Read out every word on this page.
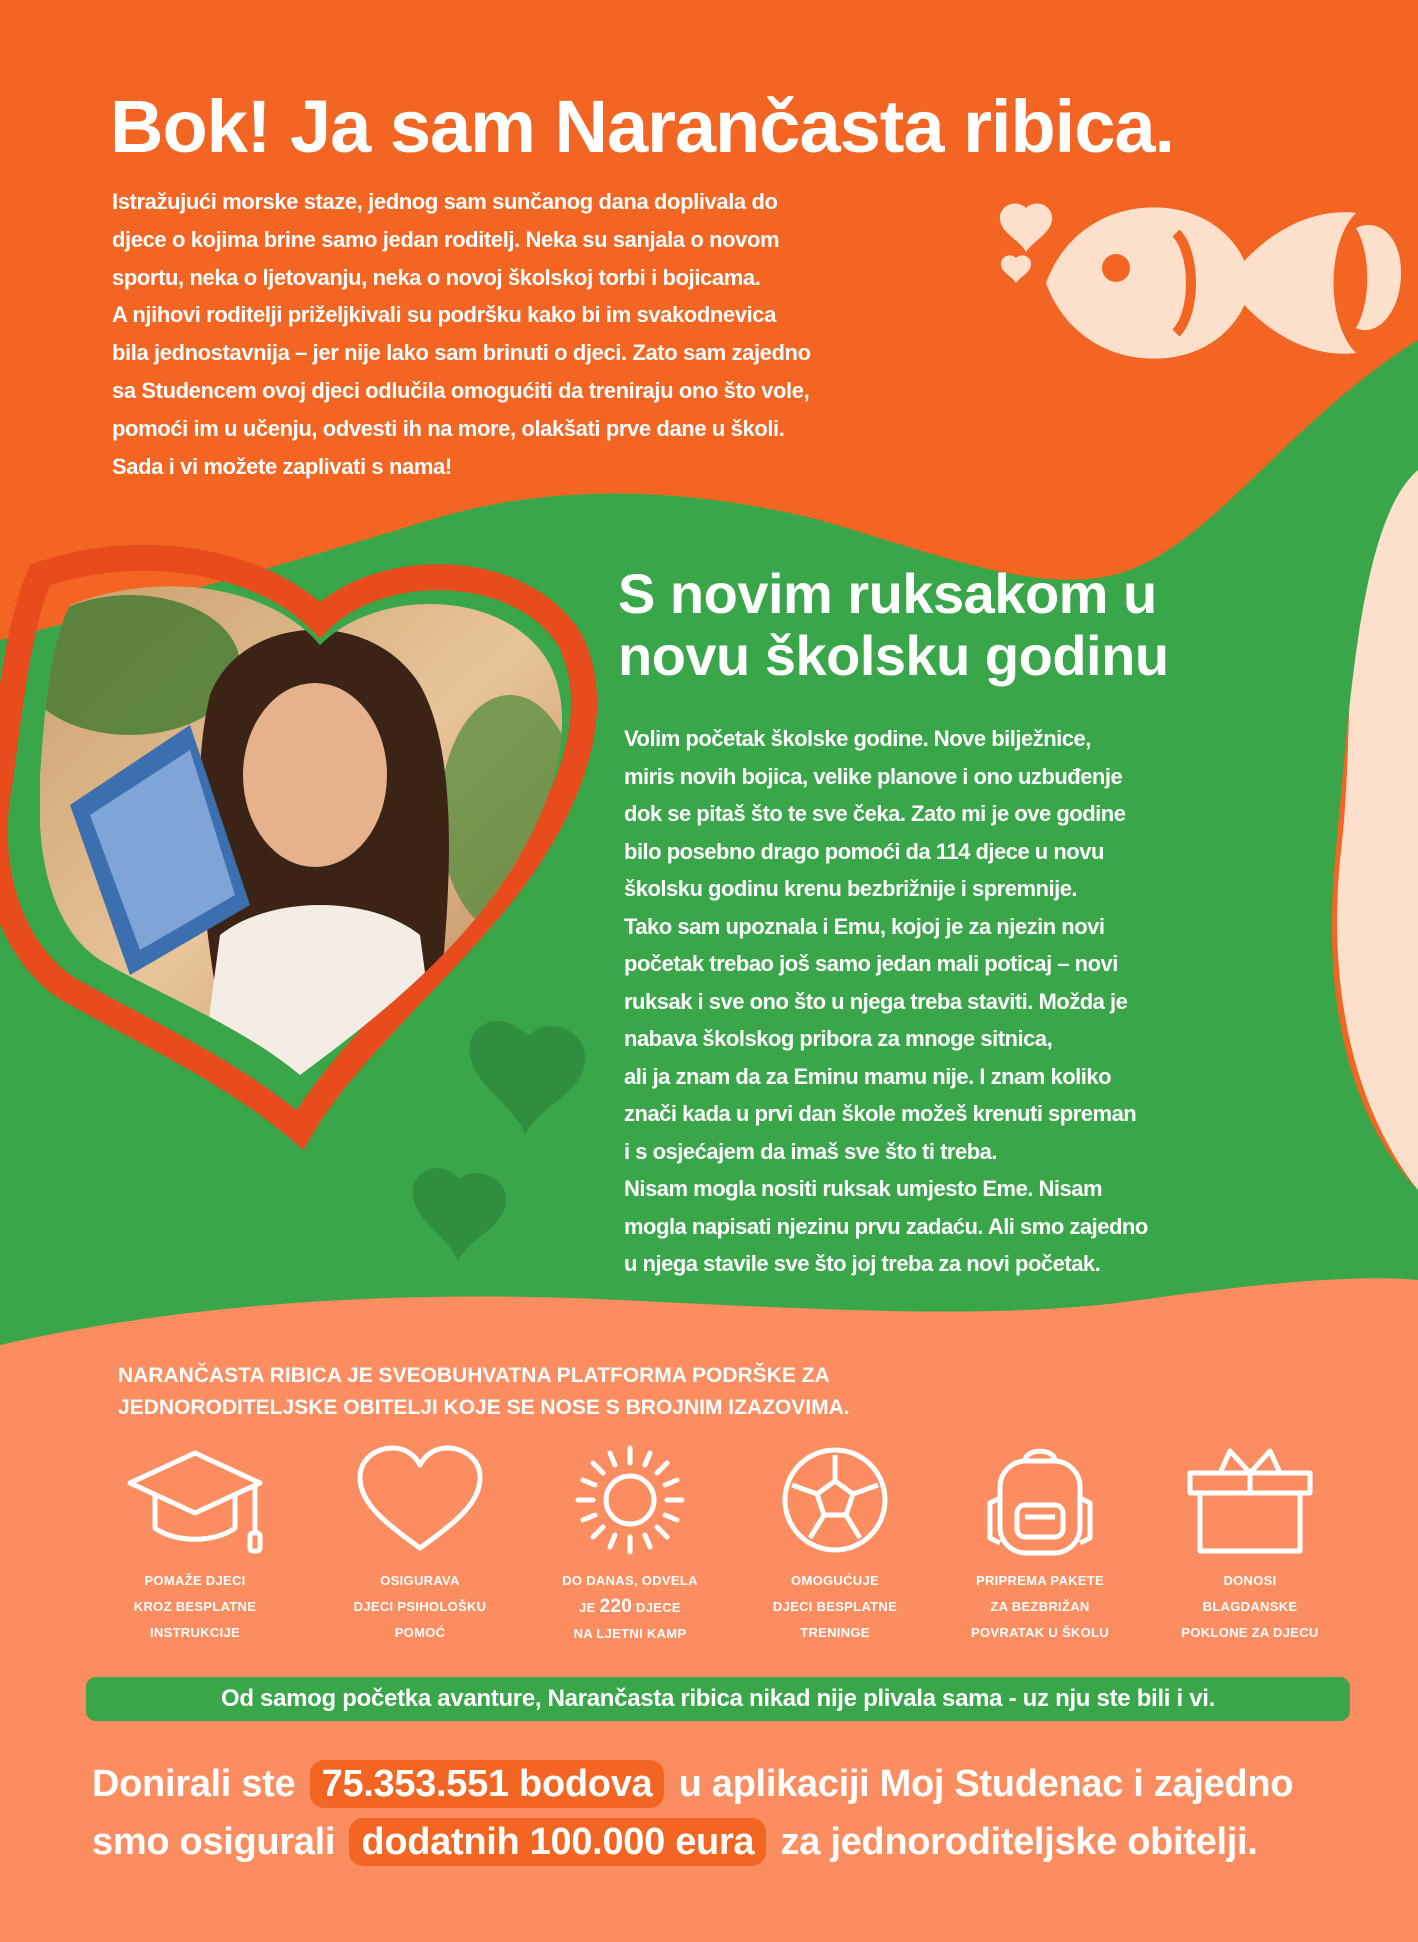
Bok! Ja sam Narančasta ribica.
Istražujući morske staze, jednog sam sunčanog dana doplivala do
djece o kojima brine samo jedan roditelj. Neka su sanjala o novom
sportu, neka o ljetovanju, neka o novoj školskoj torbi i bojicama.
A njihovi roditelji priželjkivali su podršku kako bi im svakodnevica
bila jednostavnija – jer nije lako sam brinuti o djeci. Zato sam zajedno
sa Studencem ovoj djeci odlučila omogućiti da treniraju ono što vole,
pomoći im u učenju, odvesti ih na more, olakšati prve dane u školi.
Sada i vi možete zaplivati s nama!
S novim ruksakom u
novu školsku godinu
Volim početak školske godine. Nove bilježnice,
miris novih bojica, velike planove i ono uzbuđenje
dok se pitaš što te sve čeka. Zato mi je ove godine
bilo posebno drago pomoći da 114 djece u novu
školsku godinu krenu bezbrižnije i spremnije.
Tako sam upoznala i Emu, kojoj je za njezin novi
početak trebao još samo jedan mali poticaj – novi
ruksak i sve ono što u njega treba staviti. Možda je
nabava školskog pribora za mnoge sitnica,
ali ja znam da za Eminu mamu nije. I znam koliko
znači kada u prvi dan škole možeš krenuti spreman
i s osjećajem da imaš sve što ti treba.
Nisam mogla nositi ruksak umjesto Eme. Nisam
mogla napisati njezinu prvu zadaću. Ali smo zajedno
u njega stavile sve što joj treba za novi početak.
NARANČASTA RIBICA JE SVEOBUHVATNA PLATFORMA PODRŠKE ZA
JEDNORODITELJSKE OBITELJI KOJE SE NOSE S BROJNIM IZAZOVIMA.
POMAŽE DJECI
KROZ BESPLATNE
INSTRUKCIJE
OSIGURAVA
DJECI PSIHOLOŠKU
POMOĆ
DO DANAS, ODVELA
JE 220 DJECE
NA LJETNI KAMP
OMOGUĆUJE
DJECI BESPLATNE
TRENINGE
PRIPREMA PAKETE
ZA BEZBRIŽAN
POVRATAK U ŠKOLU
DONOSI
BLAGDANSKE
POKLONE ZA DJECU
Od samog početka avanture, Narančasta ribica nikad nije plivala sama - uz nju ste bili i vi.
Donirali ste 75.353.551 bodova u aplikaciji Moj Studenac i zajedno
smo osigurali dodatnih 100.000 eura za jednoroditeljske obitelji.
